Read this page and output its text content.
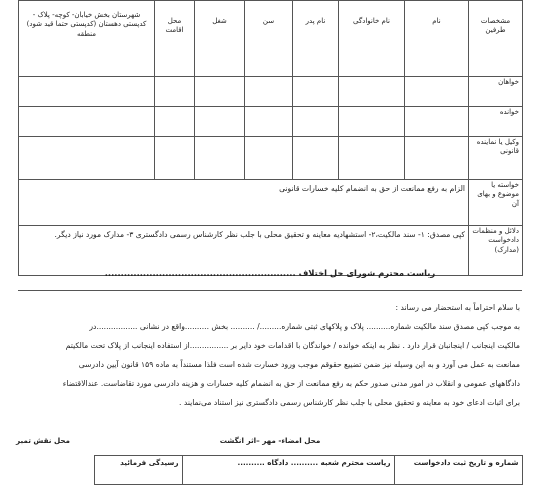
مشخصات طرفین	نام	نام خانوادگی	نام پدر	سن	شغل	محل اقامت	شهرستان بخش خیابان- کوچه- پلاک - کدپستی دهستان (کدپستی حتما قید شود) منطقه
خواهان							
خوانده							
وکیل یا نماینده قانونی							
خواسته یا موضوع و بهای آن	الزام به رفع ممانعت از حق به انضمام کلیه خسارات قانونی						
دلائل و منظمات دادخواست (مدارک)	کپی مصدق: ۱- سند مالکیت،۲- استشهادیه معاینه و تحقیق محلی با جلب نظر کارشناس رسمی دادگستری ۳- مدارک مورد نیاز دیگر.						
ریاست محترم شورای حل اختلاف ............................................................

با سلام احتراماً به استحضار می رساند :

به موجب کپی مصدق سند مالکیت شماره.......... پلاک و پلاکهای ثبتی شماره........./ .......... بخش ..........واقع در نشانی .................در

مالکیت اینجانب / اینجانبان قرار دارد . نظر به اینکه خوانده / خواندگان با اقدامات خود دایر بر ................از استفاده اینجانب از پلاک تحت مالکیتم

ممانعت به عمل می آورد و به این وسیله نیز ضمن تضییع حقوقم موجب ورود خسارت شده است فلذا مستنداً به ماده ۱۵۹ قانون آیین دادرسی

دادگاههای عمومی و انقلاب در امور مدنی صدور حکم به رفع ممانعت از حق به انضمام کلیه خسارات و هزینه دادرسی مورد تقاضاست. عندالاقتضاء

برای اثبات ادعای خود به معاینه و تحقیق محلی با جلب نظر کارشناس رسمی دادگستری نیز استناد می‌نمایند .

محل امضاء- مهر –اثر انگشت
شماره و تاریخ ثبت دادخواست	ریاست محترم شعبه .......... دادگاه ..........	رسیدگی فرمائید	
محل نقش تمبر
